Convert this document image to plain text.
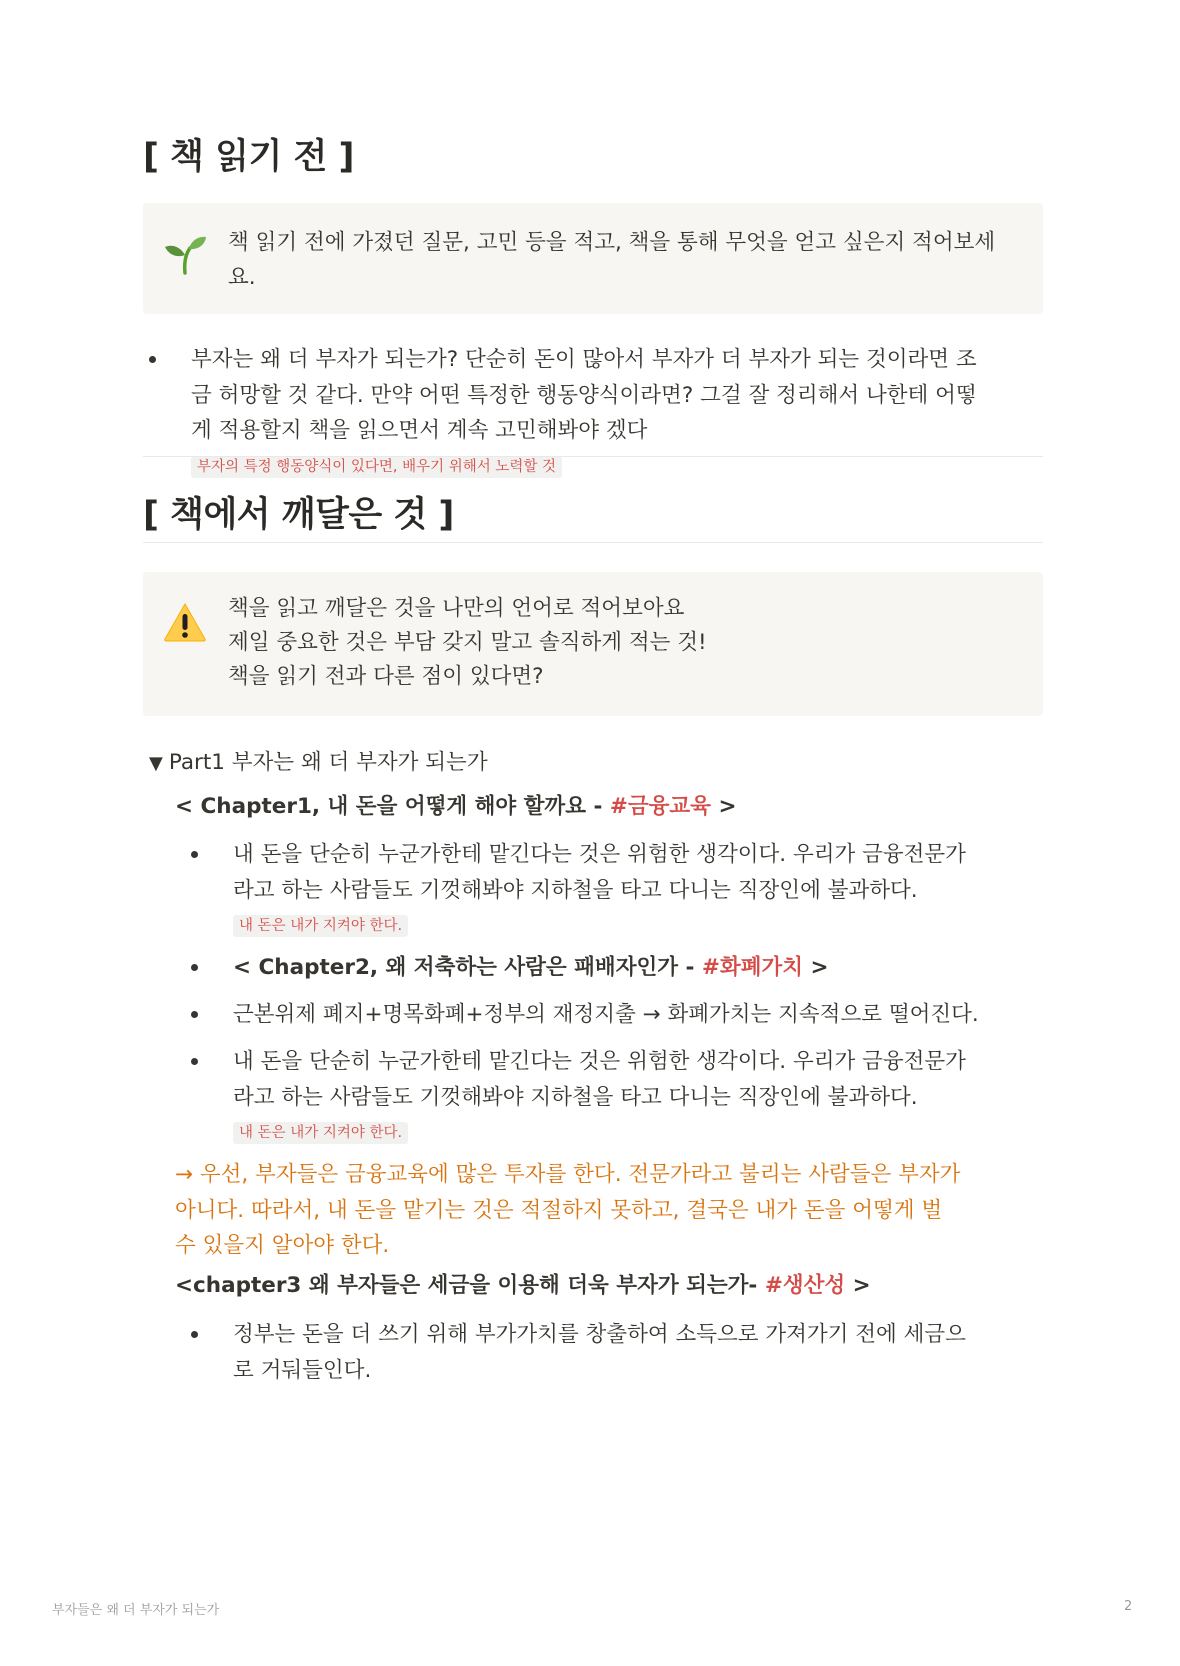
[ 책 읽기 전 ]
책 읽기 전에 가졌던 질문, 고민 등을 적고, 책을 통해 무엇을 얻고 싶은지 적어보세요.
부자는 왜 더 부자가 되는가? 단순히 돈이 많아서 부자가 더 부자가 되는 것이라면 조금 허망할 것 같다. 만약 어떤 특정한 행동양식이라면? 그걸 잘 정리해서 나한테 어떻게 적용할지 책을 읽으면서 계속 고민해봐야 겠다 부자의 특정 행동양식이 있다면, 배우기 위해서 노력할 것
[ 책에서 깨달은 것 ]
책을 읽고 깨달은 것을 나만의 언어로 적어보아요
제일 중요한 것은 부담 갖지 말고 솔직하게 적는 것!
책을 읽기 전과 다른 점이 있다면?
▼ Part1 부자는 왜 더 부자가 되는가
< Chapter1, 내 돈을 어떻게 해야 할까요 - #금융교육 >
내 돈을 단순히 누군가한테 맡긴다는 것은 위험한 생각이다. 우리가 금융전문가라고 하는 사람들도 기껏해봐야 지하철을 타고 다니는 직장인에 불과하다. 내 돈은 내가 지켜야 한다.
< Chapter2, 왜 저축하는 사람은 패배자인가 - #화폐가치 >
근본위제 폐지+명목화폐+정부의 재정지출 → 화폐가치는 지속적으로 떨어진다.
내 돈을 단순히 누군가한테 맡긴다는 것은 위험한 생각이다. 우리가 금융전문가라고 하는 사람들도 기껏해봐야 지하철을 타고 다니는 직장인에 불과하다. 내 돈은 내가 지켜야 한다.
→ 우선, 부자들은 금융교육에 많은 투자를 한다. 전문가라고 불리는 사람들은 부자가 아니다. 따라서, 내 돈을 맡기는 것은 적절하지 못하고, 결국은 내가 돈을 어떻게 벌 수 있을지 알아야 한다.
<chapter3 왜 부자들은 세금을 이용해 더욱 부자가 되는가- #생산성 >
정부는 돈을 더 쓰기 위해 부가가치를 창출하여 소득으로 가져가기 전에 세금으로 거둬들인다.
부자들은 왜 더 부자가 되는가	2
